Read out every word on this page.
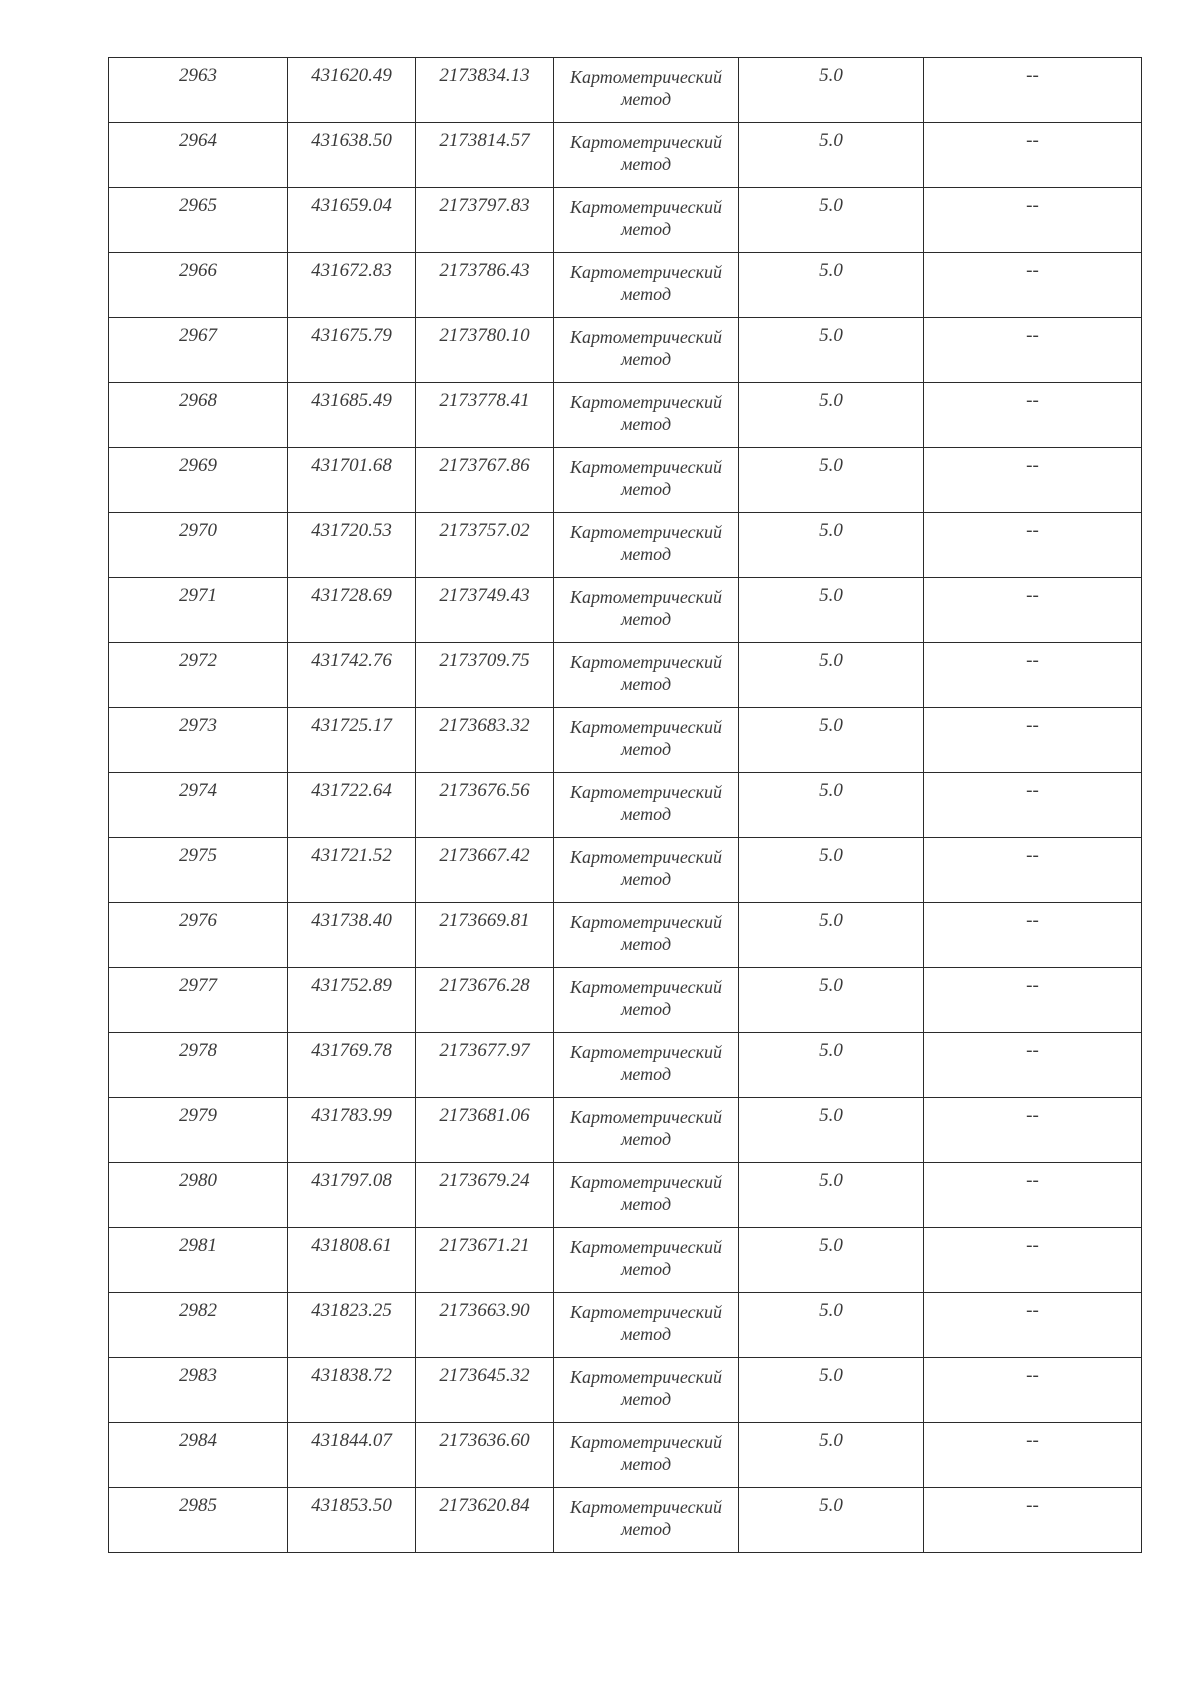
2963	431620.49	2173834.13	Картометрический метод	5.0	--
2964	431638.50	2173814.57	Картометрический метод	5.0	--
2965	431659.04	2173797.83	Картометрический метод	5.0	--
2966	431672.83	2173786.43	Картометрический метод	5.0	--
2967	431675.79	2173780.10	Картометрический метод	5.0	--
2968	431685.49	2173778.41	Картометрический метод	5.0	--
2969	431701.68	2173767.86	Картометрический метод	5.0	--
2970	431720.53	2173757.02	Картометрический метод	5.0	--
2971	431728.69	2173749.43	Картометрический метод	5.0	--
2972	431742.76	2173709.75	Картометрический метод	5.0	--
2973	431725.17	2173683.32	Картометрический метод	5.0	--
2974	431722.64	2173676.56	Картометрический метод	5.0	--
2975	431721.52	2173667.42	Картометрический метод	5.0	--
2976	431738.40	2173669.81	Картометрический метод	5.0	--
2977	431752.89	2173676.28	Картометрический метод	5.0	--
2978	431769.78	2173677.97	Картометрический метод	5.0	--
2979	431783.99	2173681.06	Картометрический метод	5.0	--
2980	431797.08	2173679.24	Картометрический метод	5.0	--
2981	431808.61	2173671.21	Картометрический метод	5.0	--
2982	431823.25	2173663.90	Картометрический метод	5.0	--
2983	431838.72	2173645.32	Картометрический метод	5.0	--
2984	431844.07	2173636.60	Картометрический метод	5.0	--
2985	431853.50	2173620.84	Картометрический метод	5.0	--
